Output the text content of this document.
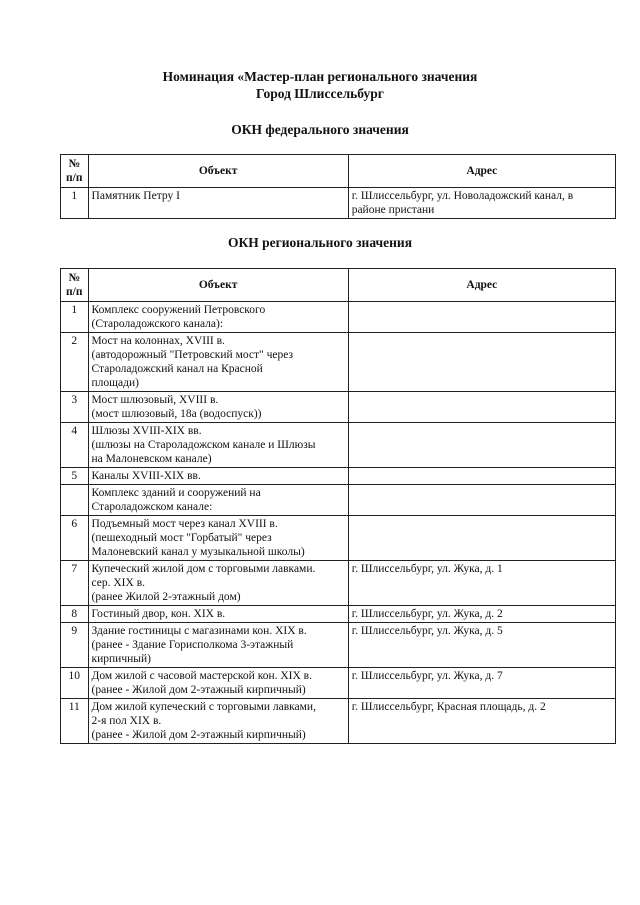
Номинация «Мастер-план регионального значения
Город Шлиссельбург
ОКН федерального значения
№
п/п	Объект	Адрес
1	Памятник Петру I	г. Шлиссельбург, ул. Новоладожский канал, в
районе пристани
ОКН регионального значения
№
п/п	Объект	Адрес
1	Комплекс сооружений Петровского
(Староладожского канала):	
2	Мост на колоннах, XVIII в.
(автодорожный "Петровский мост" через
Староладожский канал на Красной
площади)	
3	Мост шлюзовый, XVIII в.
(мост шлюзовый, 18а (водоспуск))	
4	Шлюзы XVIII-XIX вв.
(шлюзы на Староладожском канале и Шлюзы
на Малоневском канале)	
5	Каналы XVIII-XIX вв.	
	Комплекс зданий и сооружений на
Староладожском канале:	
6	Подъемный мост через канал XVIII в.
(пешеходный мост "Горбатый" через
Малоневский канал у музыкальной школы)	
7	Купеческий жилой дом с торговыми лавками.
сер. XIX в.
(ранее Жилой 2-этажный дом)	г. Шлиссельбург, ул. Жука, д. 1
8	Гостиный двор, кон. XIX в.	г. Шлиссельбург, ул. Жука, д. 2
9	Здание гостиницы с магазинами кон. XIX в.
(ранее - Здание Горисполкома 3-этажный
кирпичный)	г. Шлиссельбург, ул. Жука, д. 5
10	Дом жилой с часовой мастерской кон. XIX в.
(ранее - Жилой дом 2-этажный кирпичный)	г. Шлиссельбург, ул. Жука, д. 7
11	Дом жилой купеческий с торговыми лавками,
2-я пол XIX в.
(ранее - Жилой дом 2-этажный кирпичный)	г. Шлиссельбург, Красная площадь, д. 2
